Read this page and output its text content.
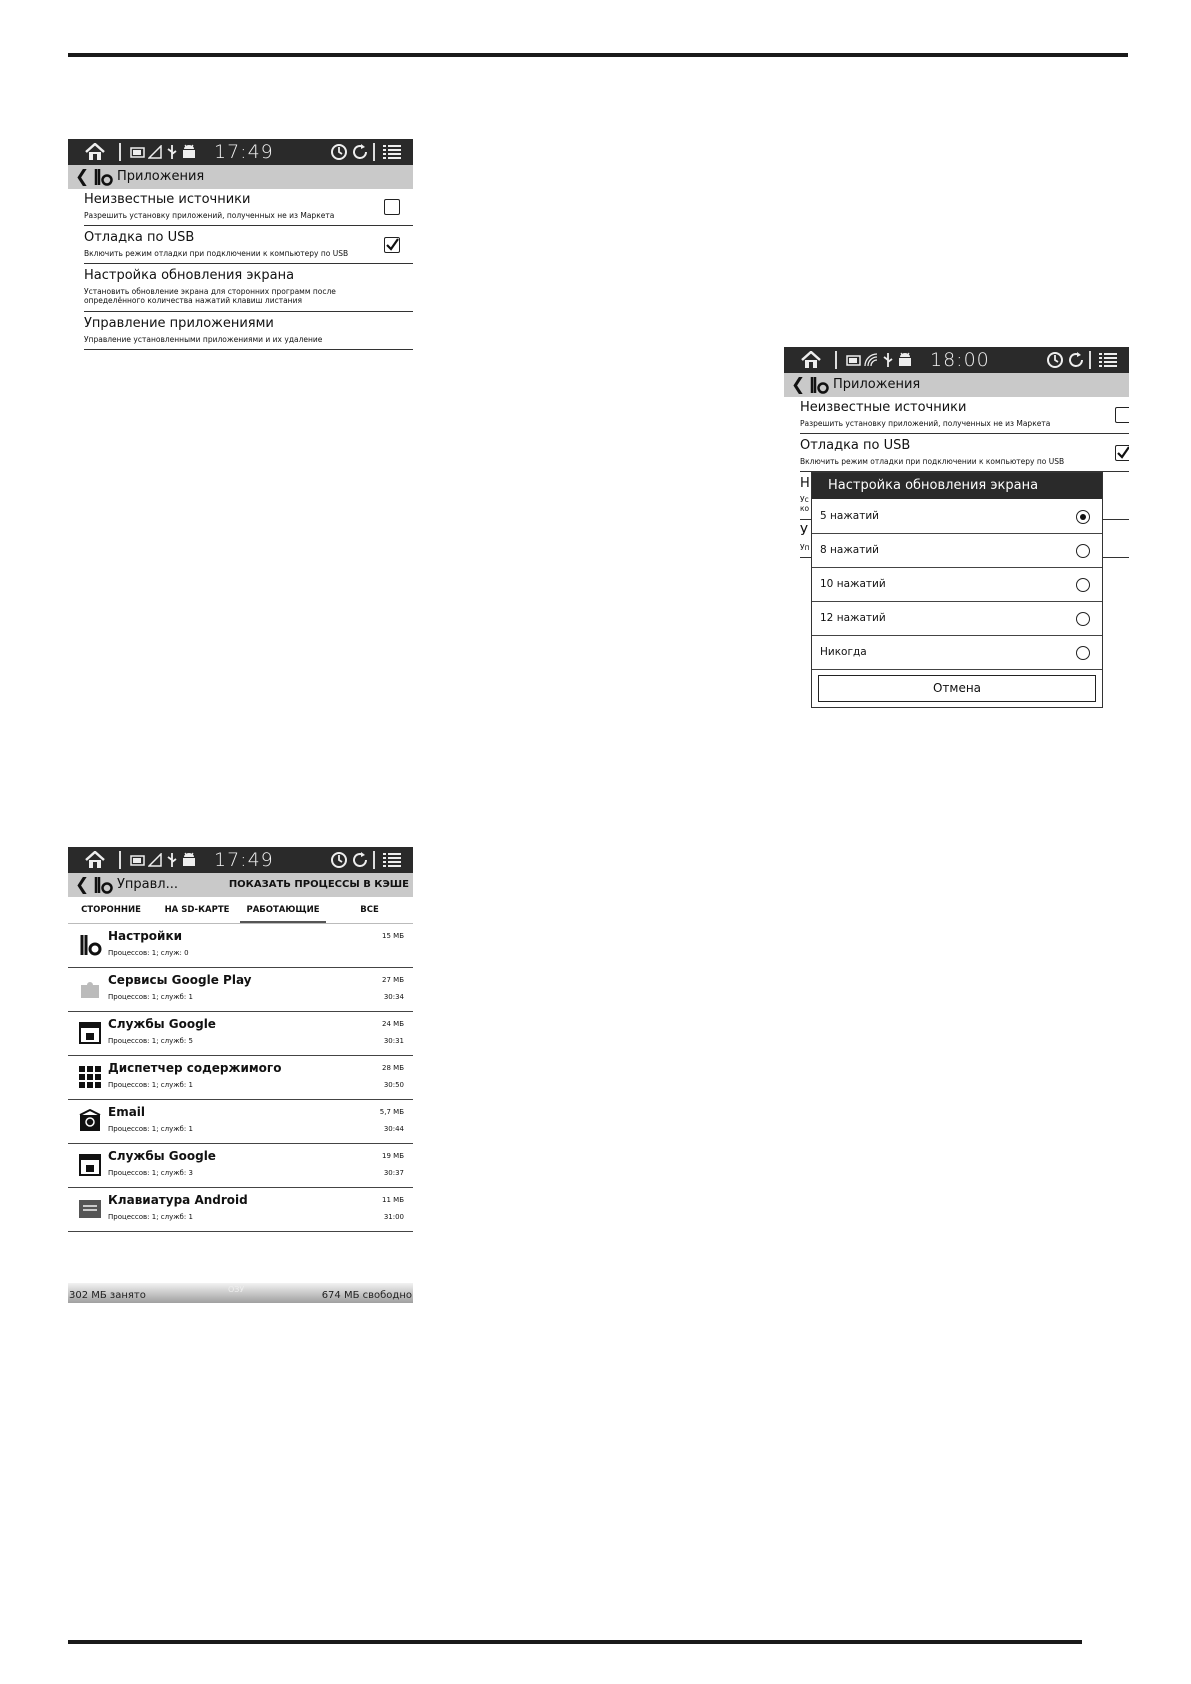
17:49
❮ Приложения
Неизвестные источники
Разрешить установку приложений, полученных не из Маркета
Отладка по USB
Включить режим отладки при подключении к компьютеру по USB
Настройка обновления экрана
Установить обновление экрана для сторонних программ после определённого количества нажатий клавиш листания
Управление приложениями
Управление установленными приложениями и их удаление
18:00
❮ Приложения
Неизвестные источники
Разрешить установку приложений, полученных не из Маркета
Отладка по USB
Включить режим отладки при подключении к компьютеру по USB
Н
Ус
ко
У
Уп
Настройка обновления экрана
5 нажатий
8 нажатий
10 нажатий
12 нажатий
Никогда
Отмена
17:49
❮ Управл...	ПОКАЗАТЬ ПРОЦЕССЫ В КЭШЕ
СТОРОННИЕ	НА SD-КАРТЕ	РАБОТАЮЩИЕ	ВСЕ
Настройки
Процессов: 1; служ: 0
15 МБ
Сервисы Google Play
Процессов: 1; служб: 1
27 МБ
30:34
Службы Google
Процессов: 1; служб: 5
24 МБ
30:31
Диспетчер содержимого
Процессов: 1; служб: 1
28 МБ
30:50
Email
Процессов: 1; служб: 1
5,7 МБ
30:44
Службы Google
Процессов: 1; служб: 3
19 МБ
30:37
Клавиатура Android
Процессов: 1; служб: 1
11 МБ
31:00
302 МБ занято
ОЗУ
674 МБ свободно
